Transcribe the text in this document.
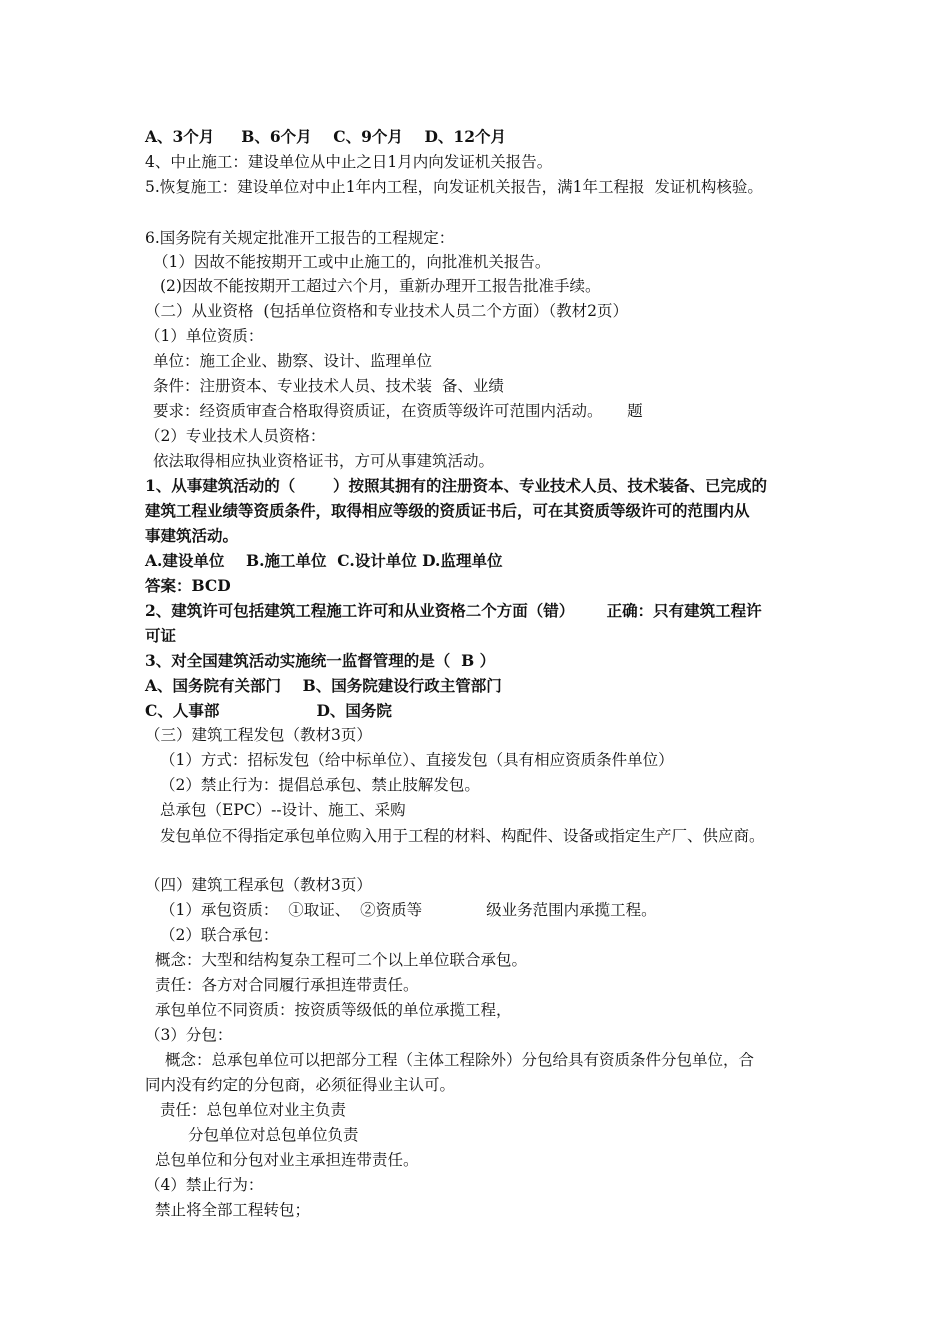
A、3个月     B、6个月    C、9个月    D、12个月
4、中止施工：建设单位从中止之日1月内向发证机关报告。
5.恢复施工：建设单位对中止1年内工程，向发证机关报告，满1年工程报  发证机构核验。
6.国务院有关规定批准开工报告的工程规定：
（1）因故不能按期开工或中止施工的，向批准机关报告。
(2)因故不能按期开工超过六个月，重新办理开工报告批准手续。
（二）从业资格  (包括单位资格和专业技术人员二个方面）（教材2页）
（1）单位资质：
单位：施工企业、勘察、设计、监理单位
条件：注册资本、专业技术人员、技术装  备、业绩
要求：经资质审查合格取得资质证，在资质等级许可范围内活动。     题
（2）专业技术人员资格：
依法取得相应执业资格证书，方可从事建筑活动。
1、从事建筑活动的（       ）按照其拥有的注册资本、专业技术人员、技术装备、已完成的
建筑工程业绩等资质条件，取得相应等级的资质证书后，可在其资质等级许可的范围内从
事建筑活动。
A.建设单位    B.施工单位  C.设计单位 D.监理单位
答案：BCD
2、建筑许可包括建筑工程施工许可和从业资格二个方面（错）      正确：只有建筑工程许
可证
3、对全国建筑活动实施统一监督管理的是（  B ）
A、国务院有关部门    B、国务院建设行政主管部门
C、人事部                  D、国务院
（三）建筑工程发包（教材3页）
（1）方式：招标发包（给中标单位）、直接发包（具有相应资质条件单位）
（2）禁止行为：提倡总承包、禁止肢解发包。
总承包（EPC）--设计、施工、采购
发包单位不得指定承包单位购入用于工程的材料、构配件、设备或指定生产厂、供应商。
（四）建筑工程承包（教材3页）
（1）承包资质：  ①取证、  ②资质等             级业务范围内承揽工程。
（2）联合承包：
概念：大型和结构复杂工程可二个以上单位联合承包。
责任：各方对合同履行承担连带责任。
承包单位不同资质：按资质等级低的单位承揽工程，
（3）分包：
概念：总承包单位可以把部分工程（主体工程除外）分包给具有资质条件分包单位，合
同内没有约定的分包商，必须征得业主认可。
责任：总包单位对业主负责
分包单位对总包单位负责
总包单位和分包对业主承担连带责任。
（4）禁止行为：
禁止将全部工程转包；
